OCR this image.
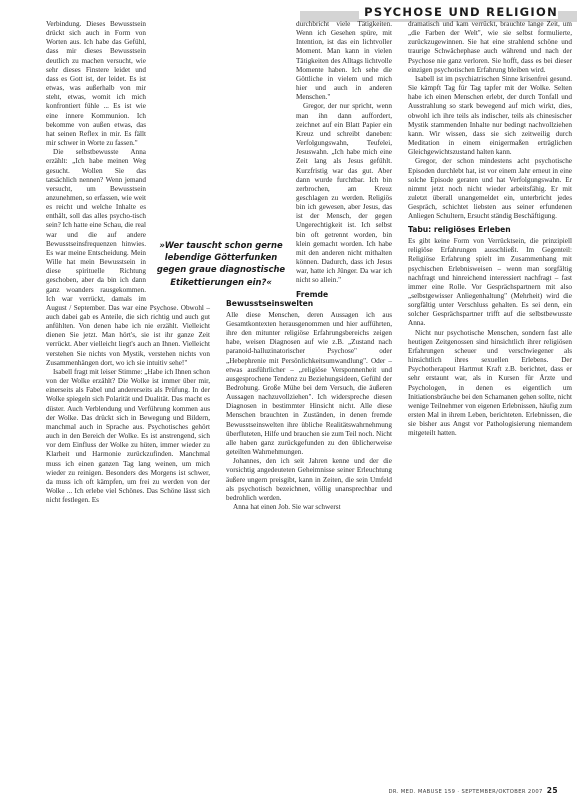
PSYCHOSE UND RELIGION

Verbindung. Dieses Bewusstsein drückt sich auch in Form von Worten aus. Ich habe das Gefühl, dass mir dieses Bewusstsein deutlich zu machen versucht, wie sehr dieses Finstere leidet und dass es Gott ist, der leidet. Es ist etwas, was außerhalb von mir steht, etwas, womit ich mich konfrontiert fühle ... Es ist wie eine innere Kommunion. Ich bekomme von außen etwas, das hat seinen Reflex in mir. Es fällt mir schwer in Worte zu fassen."

Die selbstbewusste Anna erzählt: „Ich habe meinen Weg gesucht. Wollen Sie das tatsächlich nennen? Wenn jemand versucht, um Bewusstsein anzunehmen, so erfassen, wie weit es reicht und welche Inhalte es enthält, soll das alles psycho-tisch sein? Ich hatte eine Schau, die real war und die auf andere Bewusstseinsfrequenzen hinwies. Es war meine Entscheidung. Mein Wille hat mein Bewusstsein in diese spirituelle Richtung geschoben, aber da bin ich dann ganz woanders rausgekommen. Ich war verrückt, damals im August / September. Das war eine Psychose. Obwohl – auch dabei gab es Anteile, die sich richtig und auch gut anfühlten. Von denen habe ich nie erzählt. Vielleicht dienen Sie jetzt. Man hört's, sie ist ihr ganze Zeit verrückt. Aber vielleicht liegt's auch an Ihnen. Vielleicht verstehen Sie nichts von Mystik, verstehen nichts von Zusammenhängen dort, wo ich sie intuitiv sehe!"

Isabell fragt mit leiser Stimme: „Habe ich Ihnen schon von der Wolke erzählt? Die Wolke ist immer über mir, einerseits als Fabel und andererseits als Prüfung. In der Wolke spiegeln sich Polarität und Dualität. Das macht es düster. Auch Verblendung und Verführung kommen aus der Wolke. Das drückt sich in Bewegung und Bildern, manchmal auch in Sprache aus. Psychotisches gehört auch in den Bereich der Wolke. Es ist anstrengend, sich vor dem Einfluss der Wolke zu hüten, immer wieder zu Klarheit und Harmonie zurückzufinden. Manchmal muss ich einen ganzen Tag lang weinen, um mich wieder zu reinigen. Besonders des Morgens ist schwer, da muss ich oft kämpfen, um frei zu werden von der Wolke ... Ich erlebe viel Schönes. Das Schöne lässt sich nicht festlegen. Es

durchbricht viele Tätigkeiten. Wenn ich Gesehen spüre, mit Intention, ist das ein lichtvoller Moment. Man kann in vielen Tätigkeiten des Alltags lichtvolle Momente haben. Ich sehe die Göttliche in vielem und mich hier und auch in anderen Menschen."

Gregor, der nur spricht, wenn man ihn dann auffordert, zeichnet auf ein Blatt Papier ein Kreuz und schreibt daneben: Verfolgungswahn, Teufelei, Jesuswahn. „Ich habe mich eine Zeit lang als Jesus gefühlt. Kurzfristig war das gut. Aber dann wurde furchtbar. Ich bin zerbrochen, am Kreuz geschlagen zu werden. Religiös bin ich gewesen, aber Jesus, das ist der Mensch, der gegen Ungerechtigkeit ist. Ich selbst bin oft getrennt worden, bin klein gemacht worden. Ich habe mit den anderen nicht mithalten können. Dadurch, dass ich Jesus war, hatte ich Jünger. Da war ich nicht so allein."

Fremde Bewusstseinswelten

Alle diese Menschen, deren Aussagen ich aus Gesamtkontexten herausgenommen und hier aufführten, ihre den mitunter religiöse Erfahrungsbereichs zeigen habe, weisen Diagnosen auf wie z.B. „Zustand nach paranoid-halluzinatorischer Psychose" oder „Hebephrenie mit Persönlichkeitsumwandlung". Oder – etwas ausführlicher – „religiöse Versponnenheit und ausgesprochene Tendenz zu Beziehungsideen, Gefühl der Bedrohung. Große Mühe bei dem Versuch, die äußeren Aussagen nachzuvollziehen". Ich widerspreche diesen Diagnosen in bestimmter Hinsicht nicht. Alle diese Menschen brauchten in Zuständen, in denen fremde Bewusstseinswelten ihre übliche Realitätswahrnehmung überfluteten, Hilfe und brauchen sie zum Teil noch. Nicht alle haben ganz zurückgefunden zu den üblicherweise geteilten Wahrnehmungen.

Johannes, den ich seit Jahren kenne und der die vorsichtig angedeuteten Geheimnisse seiner Erleuchtung äußere ungern preisgibt, kann in Zeiten, die sein Umfeld als psychotisch bezeichnen, völlig unansprechbar und bedrohlich werden.

Anna hat einen Job. Sie war schwerst

dramatisch und kam verrückt, brauchte lange Zeit, um „die Farben der Welt", wie sie selbst formulierte, zurückzugewinnen. Sie hat eine strahlend schöne und traurige Schwächephase auch während und nach der Psychose nie ganz verloren. Sie hofft, dass es bei dieser einzigen psychotischen Erfahrung bleiben wird.

Isabell ist im psychiatrischen Sinne krisenfrei gesund. Sie kämpft Tag für Tag tapfer mit der Wolke. Selten habe ich einen Menschen erlebt, der durch Tonfall und Ausstrahlung so stark bewegend auf mich wirkt, dies, obwohl ich ihre teils als indischer, teils als chinesischer Mystik stammenden Inhalte nur bedingt nachvollziehen kann. Wir wissen, dass sie sich zeitweilig durch Meditation in einem einigermaßen erträglichen Gleichgewichtszustand halten kann.

Gregor, der schon mindestens acht psychotische Episoden durchlebt hat, ist vor einem Jahr erneut in eine solche Episode geraten und hat Verfolgungswahn. Er nimmt jetzt noch nicht wieder arbeitsfähig. Er mit zuletzt überall unangemeldet ein, unterbricht jedes Gespräch, schichtet liebsten aus seiner erfundenen Anliegen Schultern, Ersucht ständig Beschäftigung.

Tabu: religiöses Erleben

Es gibt keine Form von Verrücktsein, die prinzipiell religiöse Erfahrungen ausschließt. Im Gegenteil: Religiöse Erfahrung spielt im Zusammenhang mit psychischen Erlebnisweisen – wenn man sorgfältig nachfragt und hinreichend interessiert nachfragt – fast immer eine Rolle. Vor Gesprächspartnern mit also „selbstgewisser Anliegenhaltung" (Mehrheit) wird die sorgfältig unter Verschluss gehalten. Es sei denn, ein solcher Gesprächspartner trifft auf die selbstbewusste Anna.

Nicht nur psychotische Menschen, sondern fast alle heutigen Zeitgenossen sind hinsichtlich ihrer religiösen Erfahrungen scheuer und verschwiegener als hinsichtlich ihres sexuellen Erlebens. Der Psychotherapeut Hartmut Kraft z.B. berichtet, dass er sehr erstaunt war, als in Kursen für Ärzte und Psychologen, in denen es eigentlich um Initiationsbräuche bei den Schamanen gehen sollte, nicht wenige Teilnehmer von eigenen Erlebnissen, häufig zum ersten Mal in ihrem Leben, berichteten. Erlebnissen, die sie bisher aus Angst vor Pathologisierung niemandem mitgeteilt hatten.

»Wer tauscht schon gerne lebendige Götterfunken gegen graue diagnostische Etikettierungen ein?«
DR. MED. MABUSE 159 · SEPTEMBER/OKTOBER 2007 25
